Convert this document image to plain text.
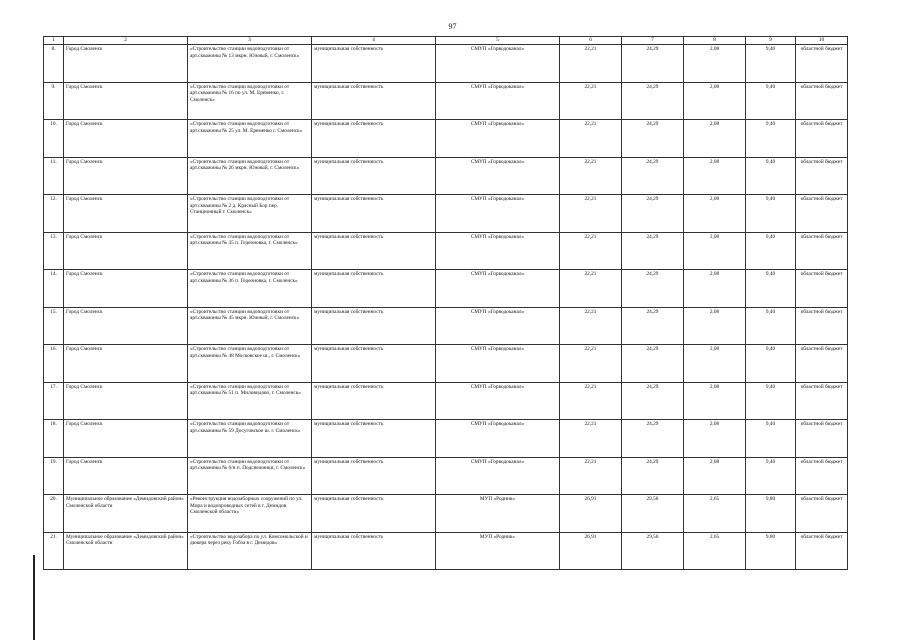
97
1	2	3	4	5	6	7	8	9	10
8.	Город Смоленск	«Строительство станции водоподготовки от арт.скважины № 13 мкрн. Южный, г. Смоленск»	муниципальная собственность	СМУП «Горводоканал»	22,21	24,29	2,08	9,40	областной бюджет
9.	Город Смоленск	«Строительство станции водоподготовки от арт.скважины № 16 по ул. М. Еременко, г. Смоленск»	муниципальная собственность	СМУП «Горводоканал»	22,21	24,29	2,08	9,40	областной бюджет
10.	Город Смоленск	«Строительство станции водоподготовки от арт.скважины № 25 ул. М. Еременко г. Смоленск»	муниципальная собственность	СМУП «Горводоканал»	22,21	24,29	2,08	9,40	областной бюджет
11.	Город Смоленск	«Строительство станции водоподготовки от арт.скважины № 26 мкрн. Южный, г. Смоленск»	муниципальная собственность	СМУП «Горводоканал»	22,21	24,29	2,08	9,40	областной бюджет
12.	Город Смоленск	«Строительство станции водоподготовки от арт.скважины № 2 д. Красный Бор пер. Станционный г. Смоленск»	муниципальная собственность	СМУП «Горводоканал»	22,21	24,29	2,08	9,40	областной бюджет
13.	Город Смоленск	«Строительство станции водоподготовки от арт.скважины № 35 п. Гедеоновка, г. Смоленск»	муниципальная собственность	СМУП «Горводоканал»	22,21	24,29	2,08	9,40	областной бюджет
14.	Город Смоленск	«Строительство станции водоподготовки от арт.скважины № 36 п. Гедеоновка, г. Смоленск»	муниципальная собственность	СМУП «Горводоканал»	22,21	24,29	2,08	9,40	областной бюджет
15.	Город Смоленск	«Строительство станции водоподготовки от арт.скважины № 45 мкрн. Южный, г. Смоленск»	муниципальная собственность	СМУП «Горводоканал»	22,21	24,29	2,08	9,40	областной бюджет
16.	Город Смоленск	«Строительство станции водоподготовки от арт.скважины № 48 Московское ш., г. Смоленск»	муниципальная собственность	СМУП «Горводоканал»	22,21	24,29	2,08	9,40	областной бюджет
17.	Город Смоленск	«Строительство станции водоподготовки от арт.скважины № 51 п. Миловидово, г. Смоленск»	муниципальная собственность	СМУП «Горводоканал»	22,21	24,29	2,08	9,40	областной бюджет
18.	Город Смоленск	«Строительство станции водоподготовки от арт.скважины № 59 Досуговское ш. г. Смоленск»	муниципальная собственность	СМУП «Горводоканал»	22,21	24,29	2,08	9,40	областной бюджет
19.	Город Смоленск	«Строительство станции водоподготовки от арт.скважины № 6/н п. Подснежники, г. Смоленск»	муниципальная собственность	СМУП «Горводоканал»	22,21	24,29	2,08	9,40	областной бюджет
20.	Муниципальное образование «Демидовский район» Смоленской области	«Реконструкция водозаборных сооружений по ул. Мира и водопроводных сетей в г. Демидов Смоленской области»	муниципальная собственность	МУП «Родник»	26,91	29,56	2,65	9,80	областной бюджет
21.	Муниципальное образование «Демидовский район» Смоленской области	«Строительство водозабора по ул. Комсомольской и дюкера через реку Гобза в г. Демидов»	муниципальная собственность	МУП «Родник»	26,91	29,56	2,65	9,80	областной бюджет
